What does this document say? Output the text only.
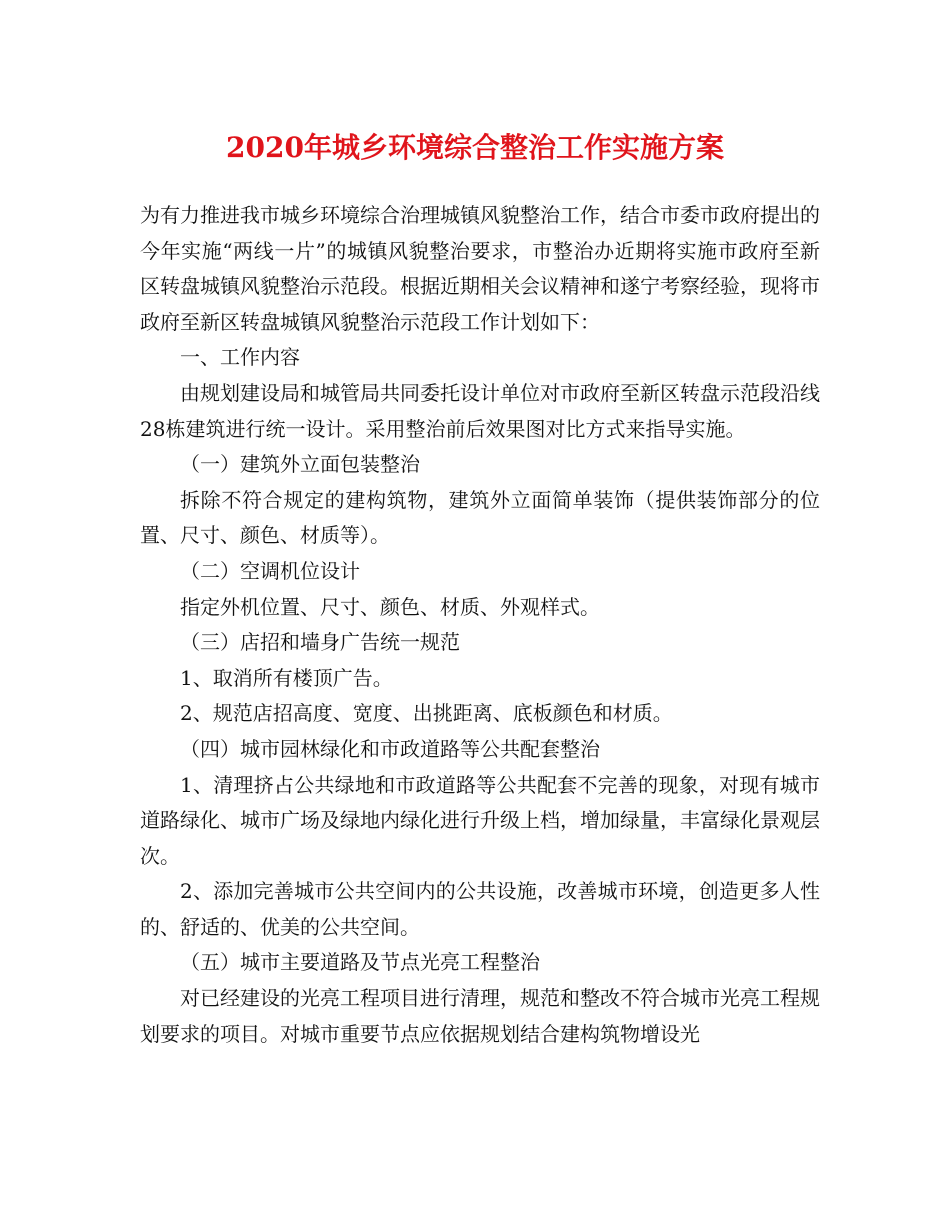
2020年城乡环境综合整治工作实施方案

为有力推进我市城乡环境综合治理城镇风貌整治工作，结合市委市政府提出的今年实施“两线一片”的城镇风貌整治要求，市整治办近期将实施市政府至新区转盘城镇风貌整治示范段。根据近期相关会议精神和遂宁考察经验，现将市政府至新区转盘城镇风貌整治示范段工作计划如下：

一、工作内容

由规划建设局和城管局共同委托设计单位对市政府至新区转盘示范段沿线28栋建筑进行统一设计。采用整治前后效果图对比方式来指导实施。

（一）建筑外立面包装整治

拆除不符合规定的建构筑物，建筑外立面简单装饰（提供装饰部分的位置、尺寸、颜色、材质等）。

（二）空调机位设计

指定外机位置、尺寸、颜色、材质、外观样式。

（三）店招和墙身广告统一规范

1、取消所有楼顶广告。

2、规范店招高度、宽度、出挑距离、底板颜色和材质。

（四）城市园林绿化和市政道路等公共配套整治

1、清理挤占公共绿地和市政道路等公共配套不完善的现象，对现有城市道路绿化、城市广场及绿地内绿化进行升级上档，增加绿量，丰富绿化景观层次。

2、添加完善城市公共空间内的公共设施，改善城市环境，创造更多人性的、舒适的、优美的公共空间。

（五）城市主要道路及节点光亮工程整治

对已经建设的光亮工程项目进行清理，规范和整改不符合城市光亮工程规划要求的项目。对城市重要节点应依据规划结合建构筑物增设光
